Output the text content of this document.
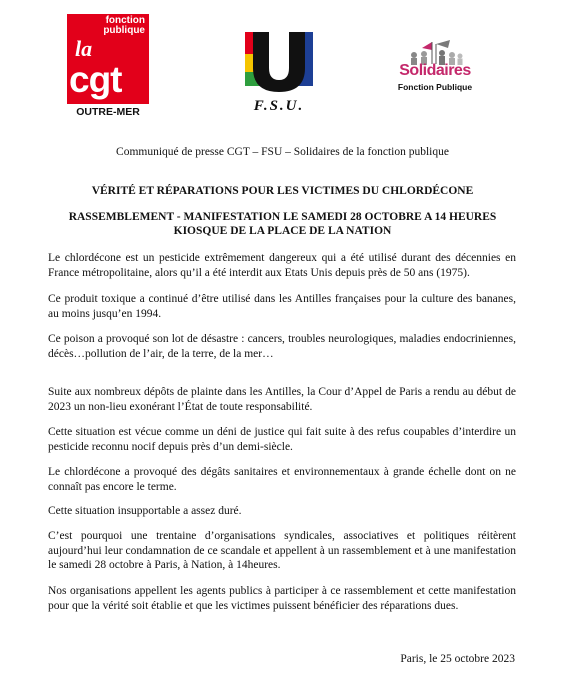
fonction
publique
la
cgt
OUTRE-MER	F.S.U.
Solidaires
Fonction Publique
Communiqué de presse CGT – FSU – Solidaires de la fonction publique
VÉRITÉ ET RÉPARATIONS POUR LES VICTIMES DU CHLORDÉCONE
RASSEMBLEMENT - MANIFESTATION LE SAMEDI 28 OCTOBRE A 14 HEURES
KIOSQUE DE LA PLACE DE LA NATION

Le chlordécone est un pesticide extrêmement dangereux qui a été utilisé durant des décennies en France métropolitaine, alors qu’il a été interdit aux Etats Unis depuis près de 50 ans (1975).

Ce produit toxique a continué d’être utilisé dans les Antilles françaises pour la culture des bananes, au moins jusqu’en 1994.

Ce poison a provoqué son lot de désastre : cancers, troubles neurologiques, maladies endocriniennes, décès…pollution de l’air, de la terre, de la mer…

Suite aux nombreux dépôts de plainte dans les Antilles, la Cour d’Appel de Paris a rendu au début de 2023 un non-lieu exonérant l’État de toute responsabilité.

Cette situation est vécue comme un déni de justice qui fait suite à des refus coupables d’interdire un pesticide reconnu nocif depuis près d’un demi-siècle.

Le chlordécone a provoqué des dégâts sanitaires et environnementaux à grande échelle dont on ne connaît pas encore le terme.

Cette situation insupportable a assez duré.

C’est pourquoi une trentaine d’organisations syndicales, associatives et politiques réitèrent aujourd’hui leur condamnation de ce scandale et appellent à un rassemblement et à une manifestation le samedi 28 octobre à Paris, à Nation, à 14heures.

Nos organisations appellent les agents publics à participer à ce rassemblement et cette manifestation pour que la vérité soit établie et que les victimes puissent bénéficier des réparations dues.

Paris, le 25 octobre 2023
